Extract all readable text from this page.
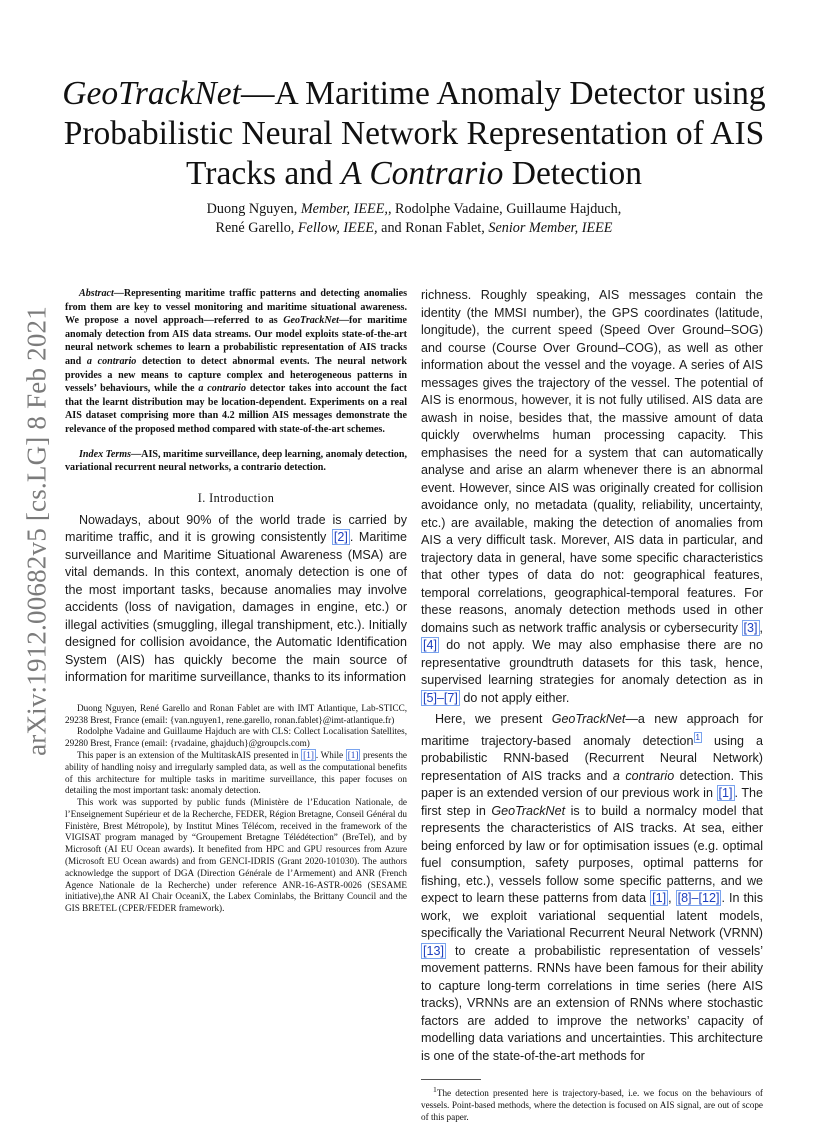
arXiv:1912.00682v5 [cs.LG] 8 Feb 2021
GeoTrackNet—A Maritime Anomaly Detector using Probabilistic Neural Network Representation of AIS Tracks and A Contrario Detection
Duong Nguyen, Member, IEEE,, Rodolphe Vadaine, Guillaume Hajduch,
René Garello, Fellow, IEEE, and Ronan Fablet, Senior Member, IEEE

Abstract—Representing maritime traffic patterns and detecting anomalies from them are key to vessel monitoring and maritime situational awareness. We propose a novel approach—referred to as GeoTrackNet—for maritime anomaly detection from AIS data streams. Our model exploits state-of-the-art neural network schemes to learn a probabilistic representation of AIS tracks and a contrario detection to detect abnormal events. The neural network provides a new means to capture complex and heterogeneous patterns in vessels’ behaviours, while the a contrario detector takes into account the fact that the learnt distribution may be location-dependent. Experiments on a real AIS dataset comprising more than 4.2 million AIS messages demonstrate the relevance of the proposed method compared with state-of-the-art schemes.

Index Terms—AIS, maritime surveillance, deep learning, anomaly detection, variational recurrent neural networks, a contrario detection.

I. Introduction

Nowadays, about 90% of the world trade is carried by maritime traffic, and it is growing consistently [2] . Maritime surveillance and Maritime Situational Awareness (MSA) are vital demands. In this context, anomaly detection is one of the most important tasks, because anomalies may involve accidents (loss of navigation, damages in engine, etc.) or illegal activities (smuggling, illegal transhipment, etc.). Initially designed for collision avoidance, the Automatic Identification System (AIS) has quickly become the main source of information for maritime surveillance, thanks to its information

Duong Nguyen, René Garello and Ronan Fablet are with IMT Atlantique, Lab-STICC, 29238 Brest, France (email: {van.nguyen1, rene.garello, ronan.fablet}@imt-atlantique.fr)

Rodolphe Vadaine and Guillaume Hajduch are with CLS: Collect Localisation Satellites, 29280 Brest, France (email: {rvadaine, ghajduch}@groupcls.com)

This paper is an extension of the MultitaskAIS presented in [1] . While [1] presents the ability of handling noisy and irregularly sampled data, as well as the computational benefits of this architecture for multiple tasks in maritime surveillance, this paper focuses on detailing the most important task: anomaly detection.

This work was supported by public funds (Ministère de l’Education Nationale, de l’Enseignement Supérieur et de la Recherche, FEDER, Région Bretagne, Conseil Général du Finistère, Brest Métropole), by Institut Mines Télécom, received in the framework of the VIGISAT program managed by “Groupement Bretagne Télédétection” (BreTel), and by Microsoft (AI EU Ocean awards). It benefited from HPC and GPU resources from Azure (Microsoft EU Ocean awards) and from GENCI-IDRIS (Grant 2020-101030). The authors acknowledge the support of DGA (Direction Générale de l’Armement) and ANR (French Agence Nationale de la Recherche) under reference ANR-16-ASTR-0026 (SESAME initiative),the ANR AI Chair OceaniX, the Labex Cominlabs, the Brittany Council and the GIS BRETEL (CPER/FEDER framework).

richness. Roughly speaking, AIS messages contain the identity (the MMSI number), the GPS coordinates (latitude, longitude), the current speed (Speed Over Ground–SOG) and course (Course Over Ground–COG), as well as other information about the vessel and the voyage. A series of AIS messages gives the trajectory of the vessel. The potential of AIS is enormous, however, it is not fully utilised. AIS data are awash in noise, besides that, the massive amount of data quickly overwhelms human processing capacity. This emphasises the need for a system that can automatically analyse and arise an alarm whenever there is an abnormal event. However, since AIS was originally created for collision avoidance only, no metadata (quality, reliability, uncertainty, etc.) are available, making the detection of anomalies from AIS a very difficult task. Morever, AIS data in particular, and trajectory data in general, have some specific characteristics that other types of data do not: geographical features, temporal correlations, geographical-temporal features. For these reasons, anomaly detection methods used in other domains such as network traffic analysis or cybersecurity [3] , [4] do not apply. We may also emphasise there are no representative groundtruth datasets for this task, hence, supervised learning strategies for anomaly detection as in [5]–[7] do not apply either.

Here, we present GeoTrackNet—a new approach for maritime trajectory-based anomaly detection $^1$ using a probabilistic RNN-based (Recurrent Neural Network) representation of AIS tracks and a contrario detection. This paper is an extended version of our previous work in [1] . The first step in GeoTrackNet is to build a normalcy model that represents the characteristics of AIS tracks. At sea, either being enforced by law or for optimisation issues (e.g. optimal fuel consumption, safety purposes, optimal patterns for fishing, etc.), vessels follow some specific patterns, and we expect to learn these patterns from data [1] , [8]–[12] . In this work, we exploit variational sequential latent models, specifically the Variational Recurrent Neural Network (VRNN) [13] to create a probabilistic representation of vessels’ movement patterns. RNNs have been famous for their ability to capture long-term correlations in time series (here AIS tracks), VRNNs are an extension of RNNs where stochastic factors are added to improve the networks’ capacity of modelling data variations and uncertainties. This architecture is one of the state-of-the-art methods for

$^1$The detection presented here is trajectory-based, i.e. we focus on the behaviours of vessels. Point-based methods, where the detection is focused on AIS signal, are out of scope of this paper.
